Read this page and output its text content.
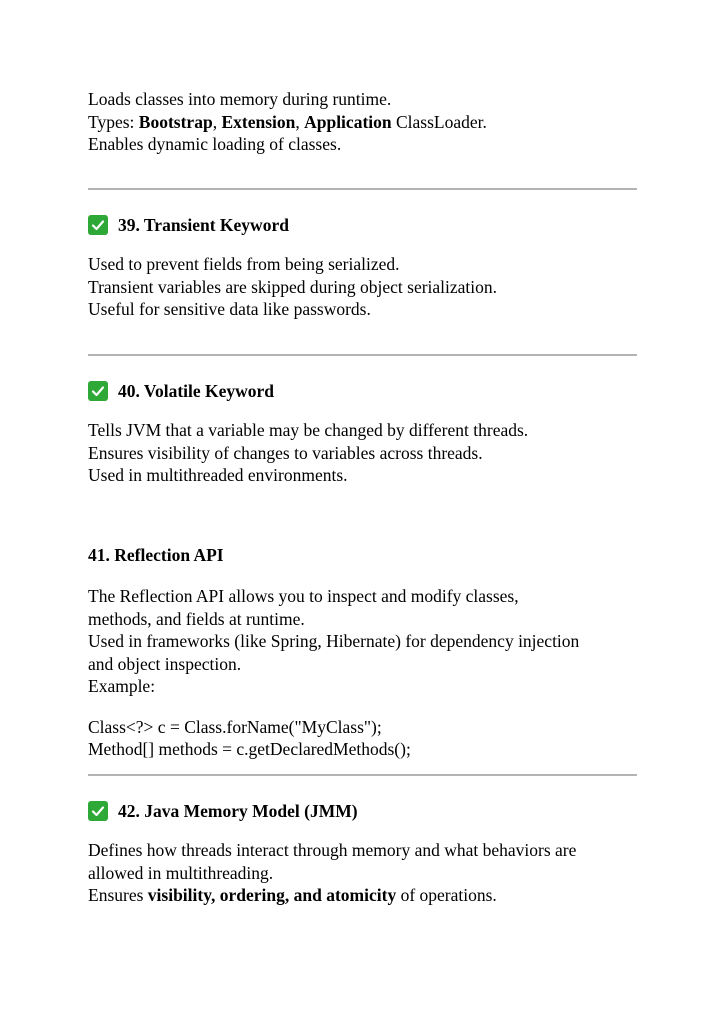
Loads classes into memory during runtime.

Types: Bootstrap, Extension, Application ClassLoader.

Enables dynamic loading of classes.

39. Transient Keyword

Used to prevent fields from being serialized.

Transient variables are skipped during object serialization.

Useful for sensitive data like passwords.

40. Volatile Keyword

Tells JVM that a variable may be changed by different threads.

Ensures visibility of changes to variables across threads.

Used in multithreaded environments.

41. Reflection API

The Reflection API allows you to inspect and modify classes,

methods, and fields at runtime.

Used in frameworks (like Spring, Hibernate) for dependency injection

and object inspection.

Example:

Class<?> c = Class.forName("MyClass");

Method[] methods = c.getDeclaredMethods();

42. Java Memory Model (JMM)

Defines how threads interact through memory and what behaviors are

allowed in multithreading.

Ensures visibility, ordering, and atomicity of operations.
